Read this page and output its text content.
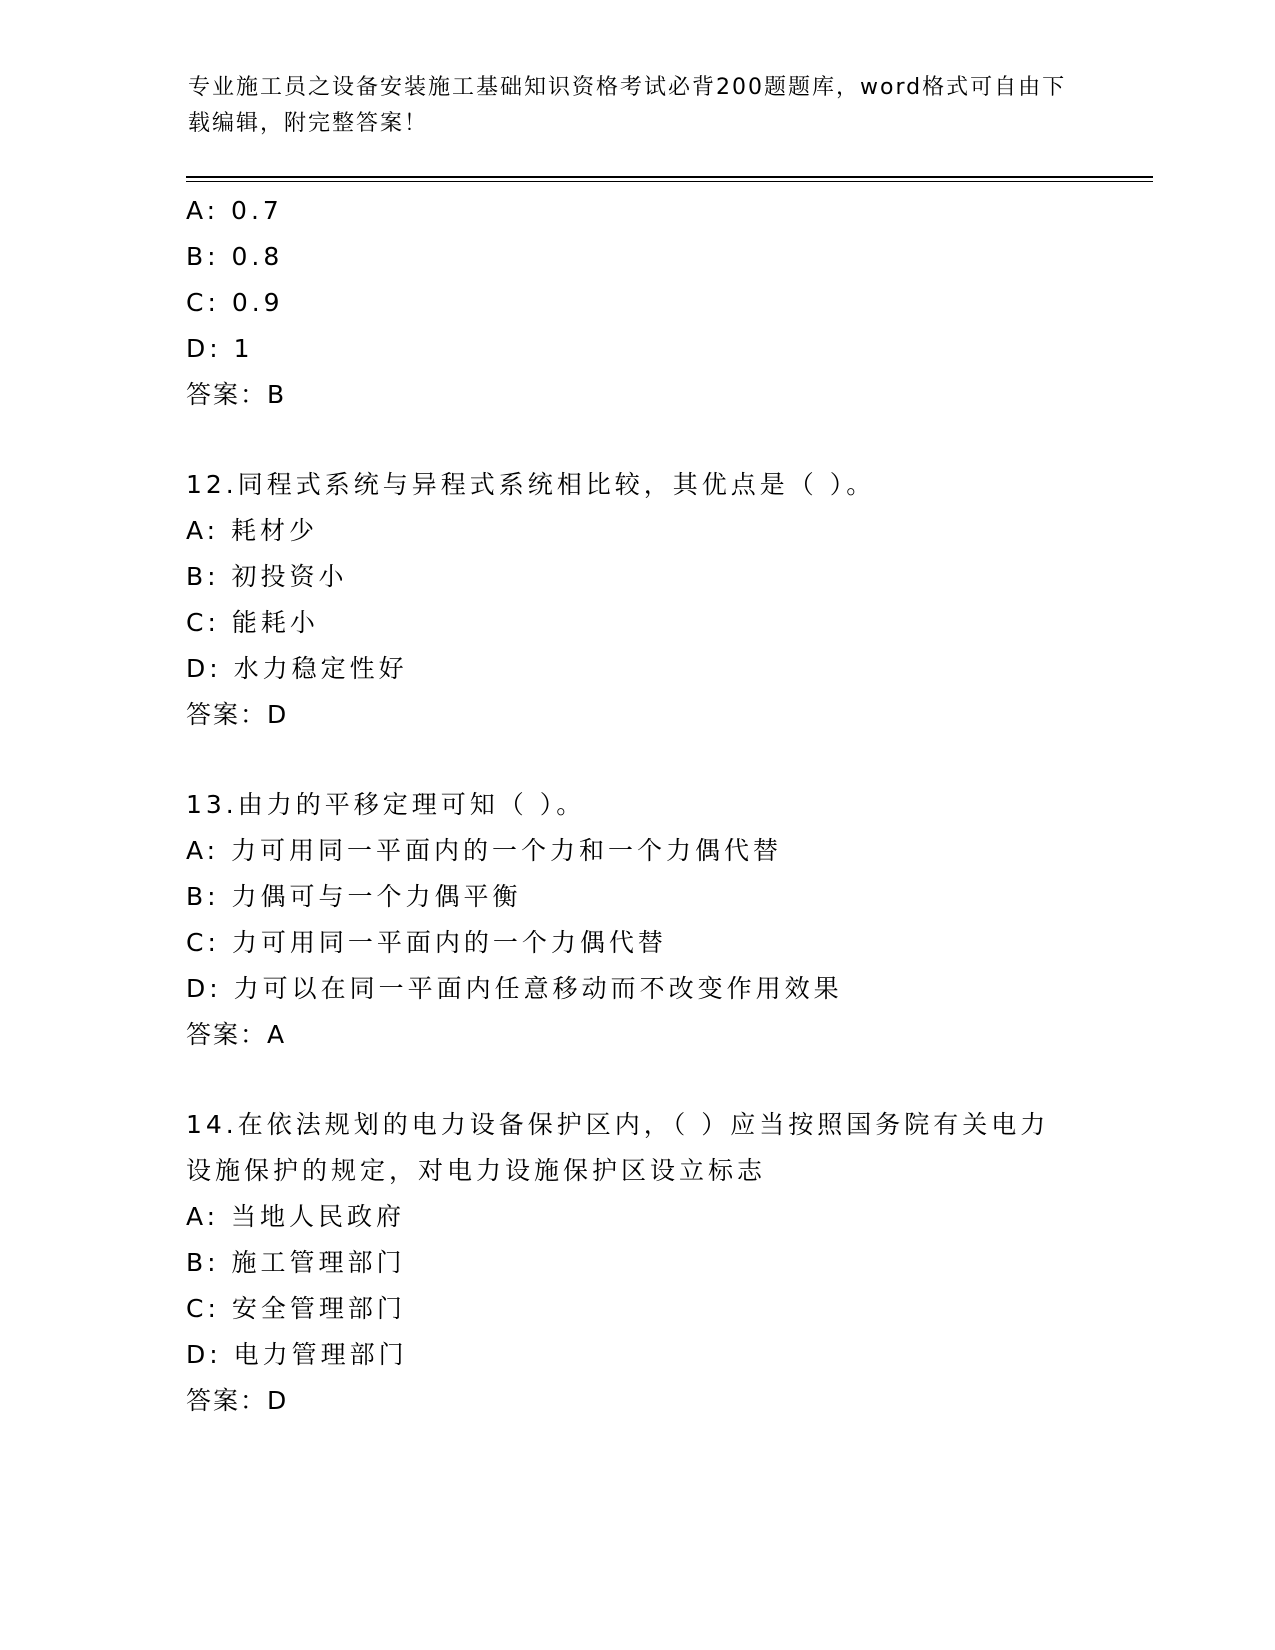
专业施工员之设备安装施工基础知识资格考试必背200题题库，word格式可自由下载编辑，附完整答案！
A: 0.7
B: 0.8
C: 0.9
D: 1
答案：B
12.同程式系统与异程式系统相比较，其优点是（ ）。
A: 耗材少
B: 初投资小
C: 能耗小
D: 水力稳定性好
答案：D
13.由力的平移定理可知（ ）。
A: 力可用同一平面内的一个力和一个力偶代替
B: 力偶可与一个力偶平衡
C: 力可用同一平面内的一个力偶代替
D: 力可以在同一平面内任意移动而不改变作用效果
答案：A
14.在依法规划的电力设备保护区内，（ ）应当按照国务院有关电力设施保护的规定，对电力设施保护区设立标志
A: 当地人民政府
B: 施工管理部门
C: 安全管理部门
D: 电力管理部门
答案：D
